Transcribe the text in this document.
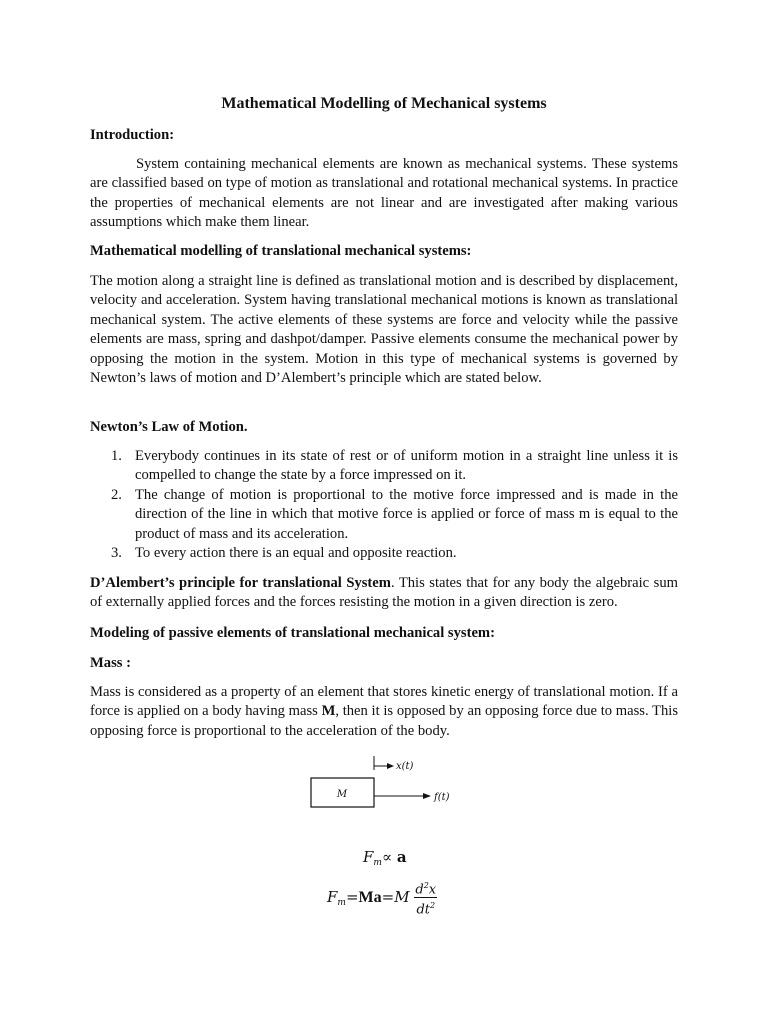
Mathematical Modelling of Mechanical systems
Introduction:

System containing mechanical elements are known as mechanical systems. These systems are classified based on type of motion as translational and rotational mechanical systems. In practice the properties of mechanical elements are not linear and are investigated after making various assumptions which make them linear.

Mathematical modelling of translational mechanical systems:

The motion along a straight line is defined as translational motion and is described by displacement, velocity and acceleration. System having translational mechanical motions is known as translational mechanical system. The active elements of these systems are force and velocity while the passive elements are mass, spring and dashpot/damper. Passive elements consume the mechanical power by opposing the motion in the system. Motion in this type of mechanical systems is governed by Newton’s laws of motion and D’Alembert’s principle which are stated below.

Newton’s Law of Motion.
1. Everybody continues in its state of rest or of uniform motion in a straight line unless it is compelled to change the state by a force impressed on it.
2. The change of motion is proportional to the motive force impressed and is made in the direction of the line in which that motive force is applied or force of mass m is equal to the product of mass and its acceleration.
3. To every action there is an equal and opposite reaction.

D’Alembert’s principle for translational System. This states that for any body the algebraic sum of externally applied forces and the forces resisting the motion in a given direction is zero.

Modeling of passive elements of translational mechanical system:
Mass :

Mass is considered as a property of an element that stores kinetic energy of translational motion. If a force is applied on a body having mass M, then it is opposed by an opposing force due to mass. This opposing force is proportional to the acceleration of the body.

M
x(t)
f(t)
$F_m\propto a$
$F_m=Ma=M \frac{d^2x}{dt^2}$
